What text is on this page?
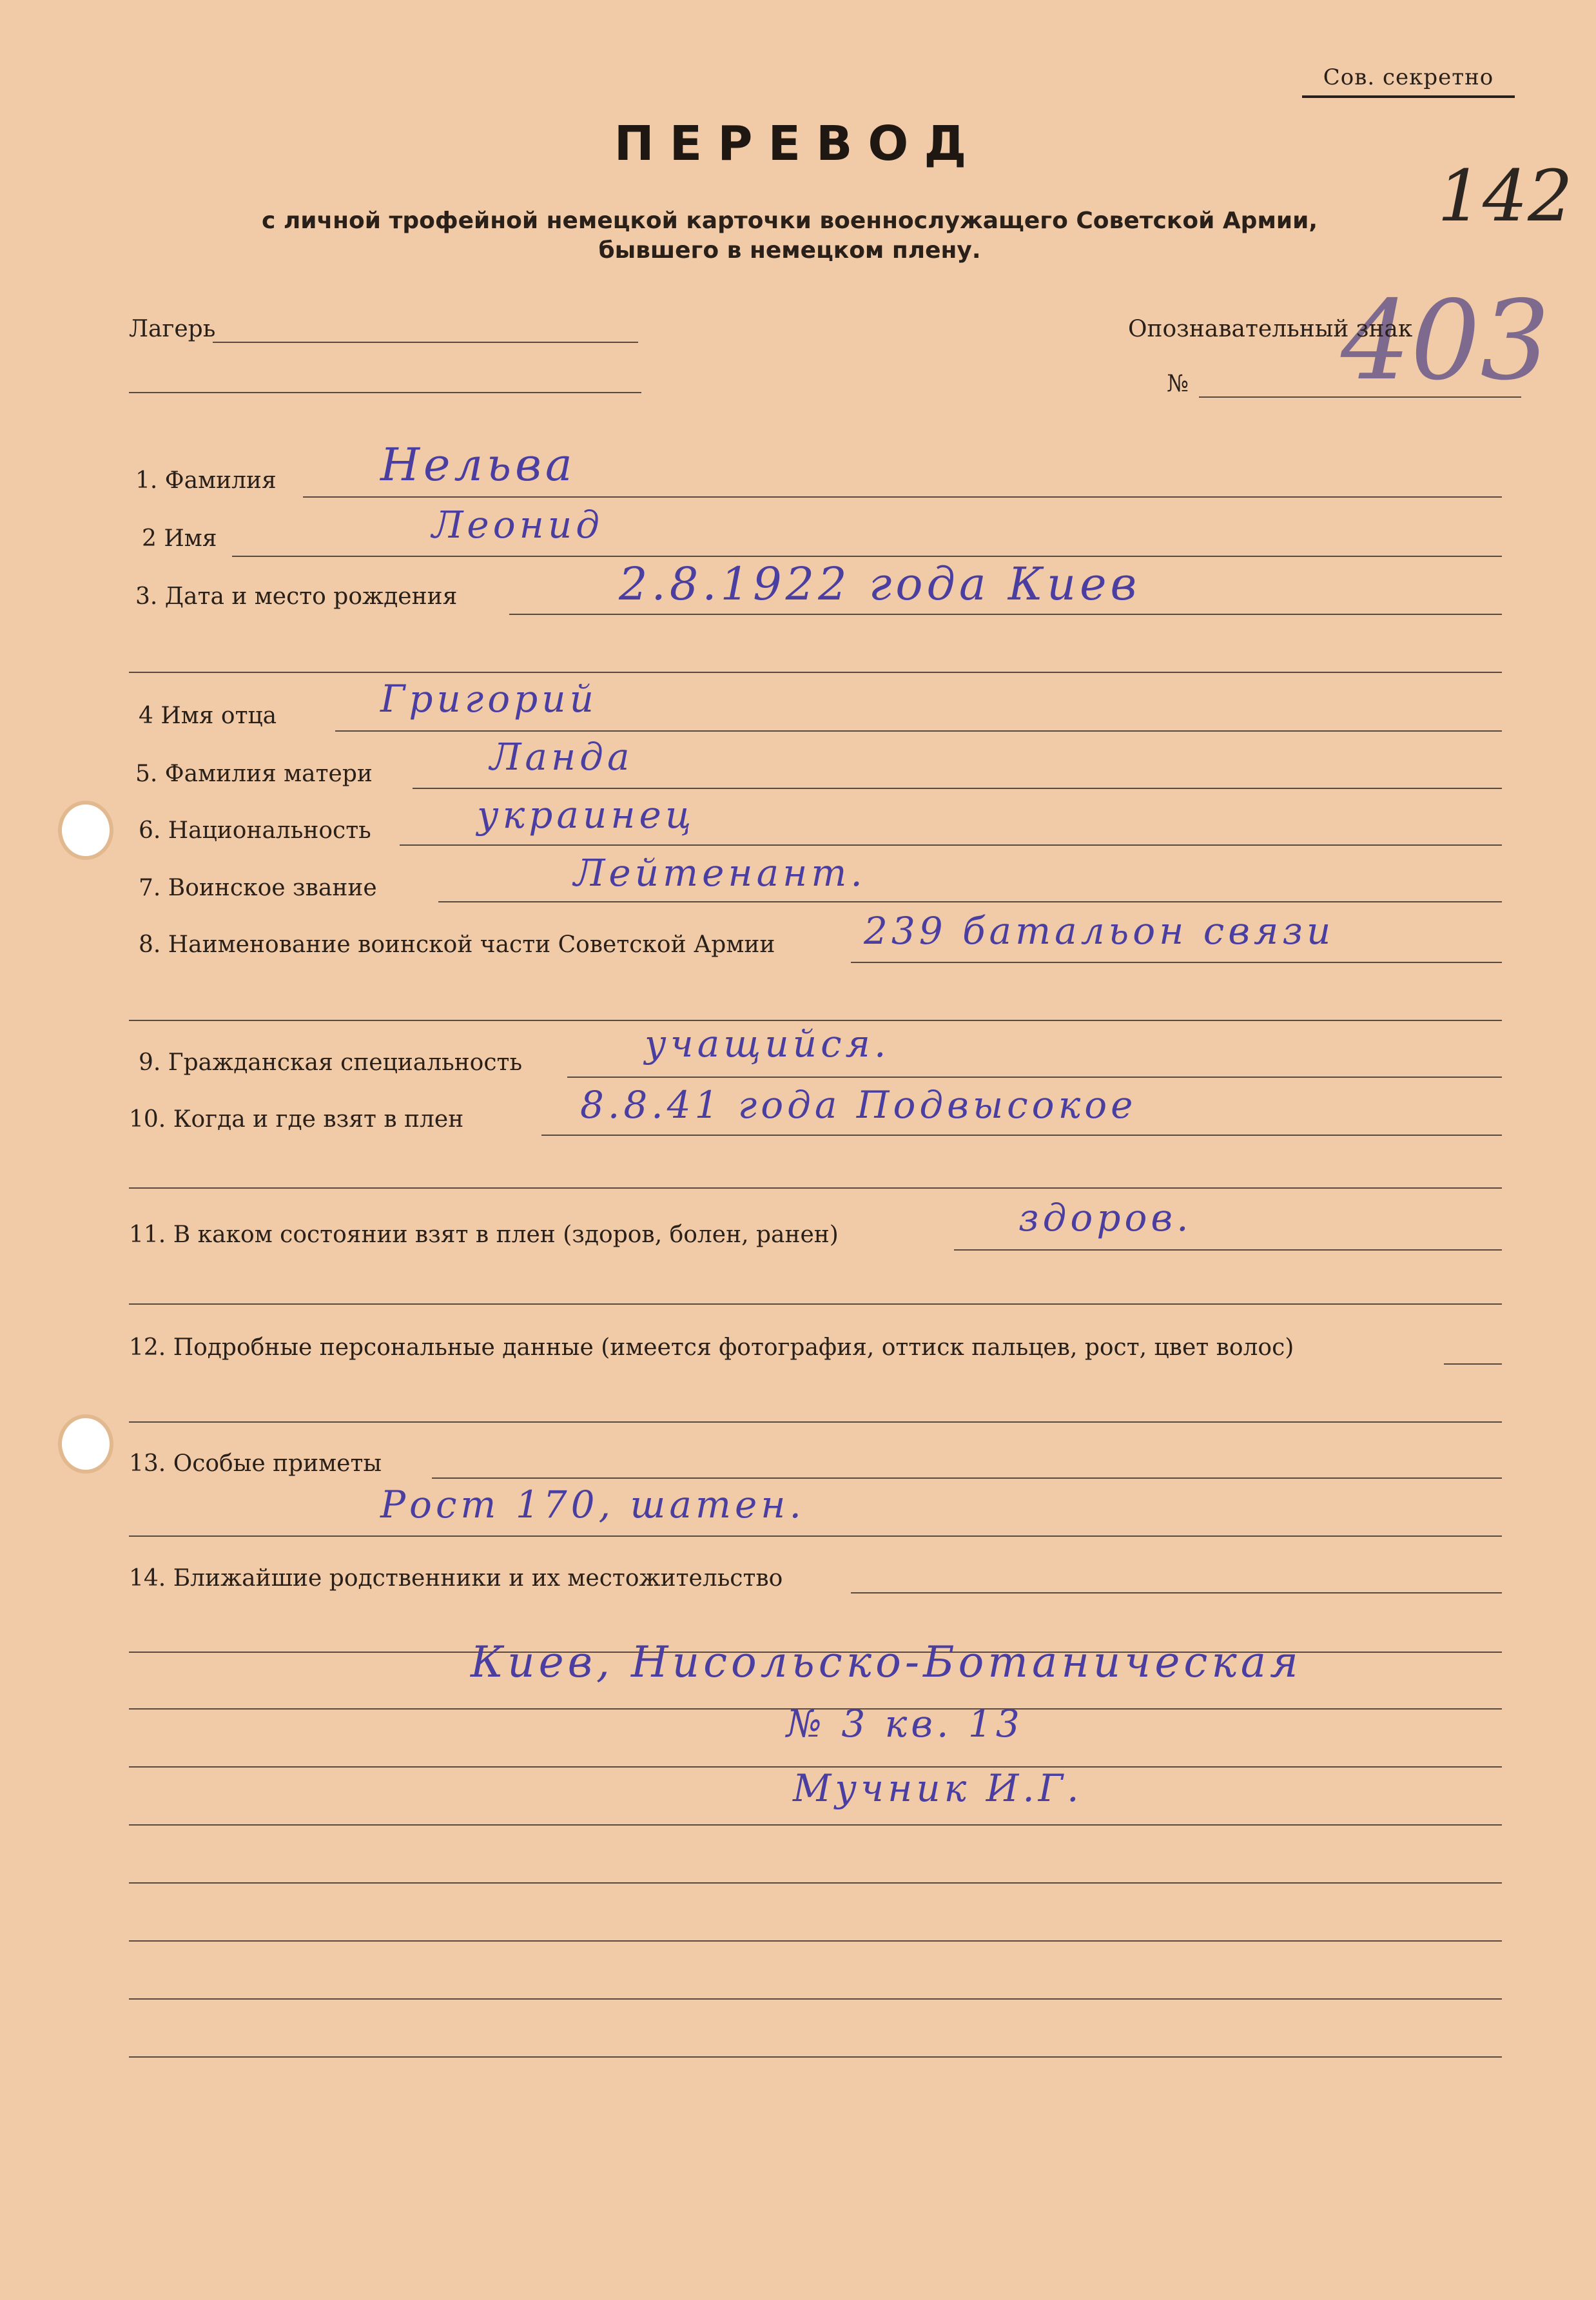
Сов. секретно
142
403
ПЕРЕВОД
с личной трофейной немецкой карточки военнослужащего Советской Армии,
бывшего в немецком плену.
Лагерь	Опознавательный знак
№
1. Фамилия Нельва
2 Имя	Леонид
3. Дата и место рождения	2.8.1922 года Киев
4 Имя отца	Григорий
5. Фамилия матери	Ланда
6. Национальность	украинец
7. Воинское звание	Лейтенант.
8. Наименование воинской части Советской Армии 239 батальон связи
9. Гражданская специальность	учащийся.
10. Когда и где взят в плен	8.8.41 года Подвысокое
11. В каком состоянии взят в плен (здоров, болен, ранен)	здоров.
12. Подробные персональные данные (имеется фотография, оттиск пальцев, рост, цвет волос)
13. Особые приметы
Рост 170, шатен.
14. Ближайшие родственники и их местожительство
Киев, Нисольско-Ботаническая
№ 3 кв. 13
Мучник И.Г.
